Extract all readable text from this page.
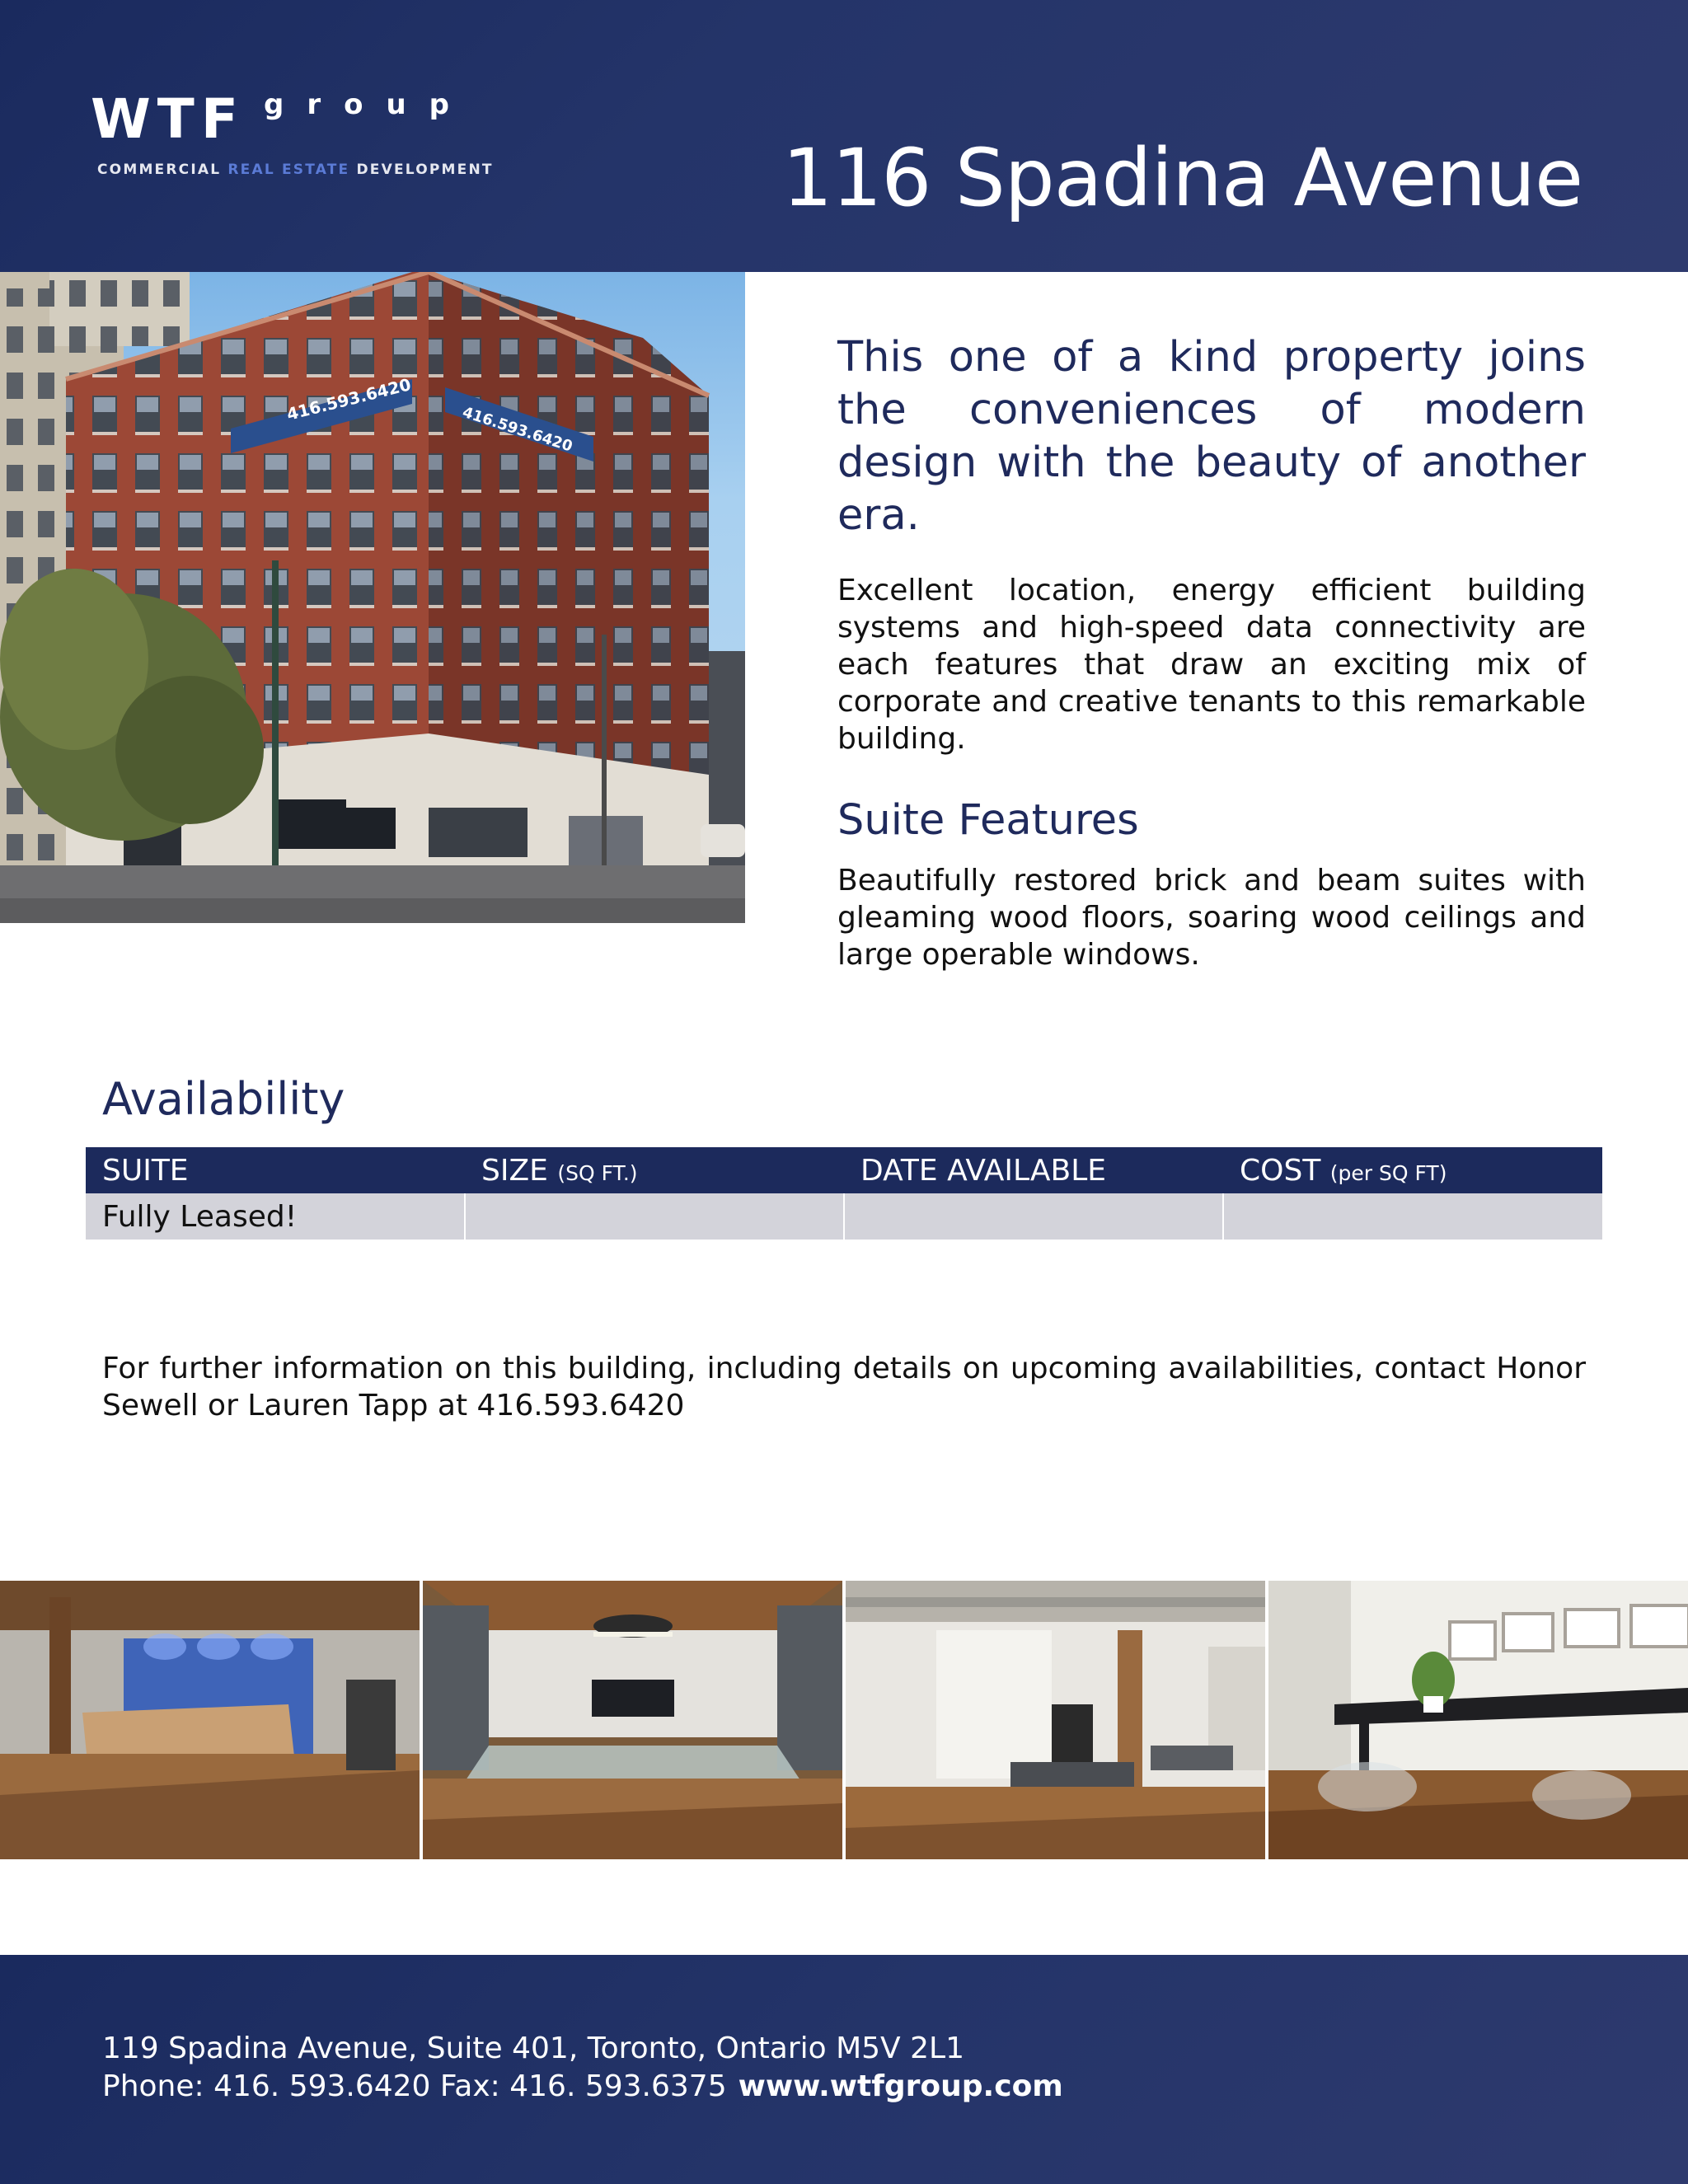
WTF group
COMMERCIAL REAL ESTATE DEVELOPMENT	116 Spadina Avenue
416.593.6420
416.593.6420

This one of a kind property joins the conveniences of modern design with the beauty of another era.

Excellent location, energy efficient building systems and high-speed data connectivity are each features that draw an exciting mix of corporate and creative tenants to this remarkable building.

Suite Features

Beautifully restored brick and beam suites with gleaming wood floors, soaring wood ceilings and large operable windows.

Availability
SUITE	SIZE (SQ FT.)	DATE AVAILABLE	COST (per SQ FT)
Fully Leased!			

For further information on this building, including details on upcoming availabilities, contact Honor Sewell or Lauren Tapp at 416.593.6420

119 Spadina Avenue, Suite 401, Toronto, Ontario M5V 2L1
Phone: 416. 593.6420 Fax: 416. 593.6375 www.wtfgroup.com
